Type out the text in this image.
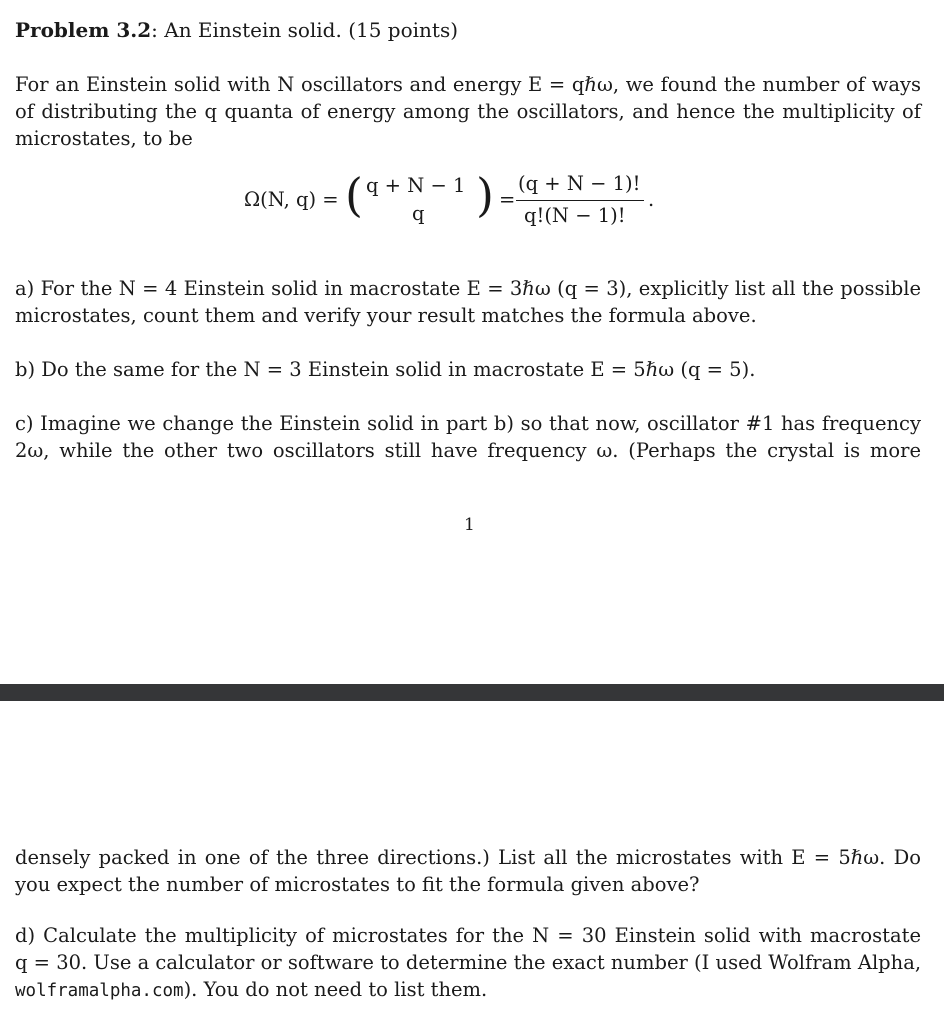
Problem 3.2: An Einstein solid. (15 points)
For an Einstein solid with N oscillators and energy E = qℏω, we found the number of ways
of distributing the q quanta of energy among the oscillators, and hence the multiplicity of
microstates, to be
Ω(N, q) = ( q + N − 1
q ) =
(q + N − 1)!
q!(N − 1)!
.
a) For the N = 4 Einstein solid in macrostate E = 3ℏω (q = 3), explicitly list all the possible
microstates, count them and verify your result matches the formula above.
b) Do the same for the N = 3 Einstein solid in macrostate E = 5ℏω (q = 5).
c) Imagine we change the Einstein solid in part b) so that now, oscillator #1 has frequency
2ω, while the other two oscillators still have frequency ω. (Perhaps the crystal is more
1
densely packed in one of the three directions.) List all the microstates with E = 5ℏω. Do
you expect the number of microstates to fit the formula given above?
d) Calculate the multiplicity of microstates for the N = 30 Einstein solid with macrostate
q = 30. Use a calculator or software to determine the exact number (I used Wolfram Alpha,
wolframalpha.com). You do not need to list them.
